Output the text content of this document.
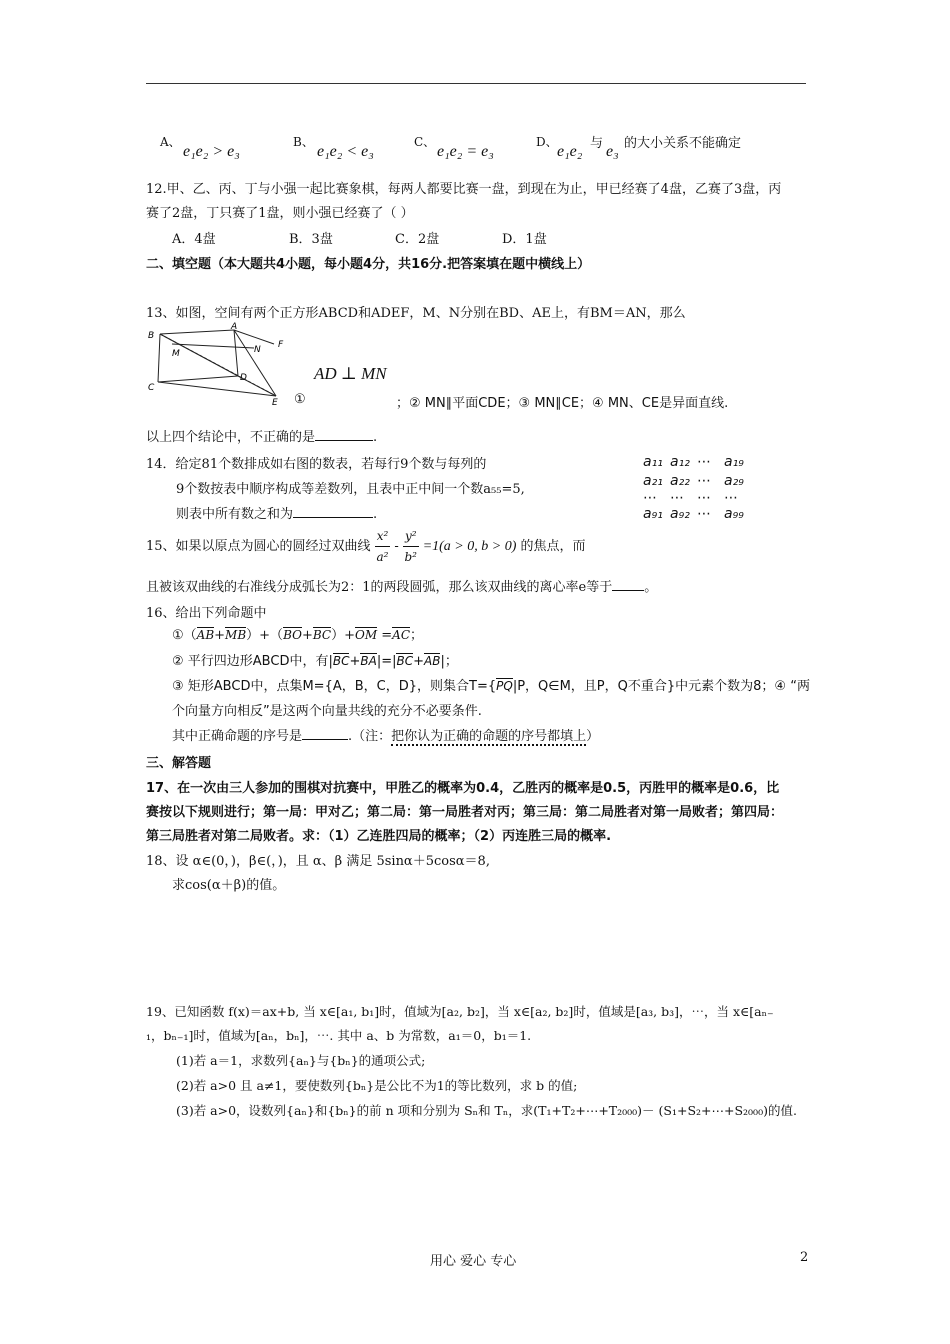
A、
e₁e₂ > e₃
B、
e₁e₂ < e₃
C、
e₁e₂ = e₃
D、
e₁e₂ 与 e₃ 的大小关系不能确定
12.甲、乙、丙、丁与小强一起比赛象棋，每两人都要比赛一盘，到现在为止，甲已经赛了4盘，乙赛了3盘，丙
赛了2盘，丁只赛了1盘，则小强已经赛了（ ）
A．4盘	B．3盘	C．2盘	D．1盘
二、填空题（本大题共4小题，每小题4分，共16分.把答案填在题中横线上）
13、如图，空间有两个正方形ABCD和ADEF，M、N分别在BD、AE上，有BM＝AN，那么
B
A
N F
M
D
C
E
AD ⊥ MN
①	；② MN∥平面CDE；③ MN∥CE；④ MN、CE是异面直线.
以上四个结论中，不正确的是	.
14．给定81个数排成如右图的数表，若每行9个数与每列的
9个数按表中顺序构成等差数列，且表中正中间一个数a₅₅=5,
则表中所有数之和为	.
a₁₁ a₁₂ ⋯ a₁₉
a₂₁ a₂₂ ⋯ a₂₉
⋯ ⋯ ⋯ ⋯
a₉₁ a₉₂ ⋯ a₉₉
15、如果以原点为圆心的圆经过双曲线 $\frac{\text{x²}}{\text{a²}} - \frac{\text{y²}}{\text{b²}} =1(a > 0$, b > 0) 的焦点，而
且被该双曲线的右准线分成弧长为2：1的两段圆弧，那么该双曲线的离心率e等于 。
16、给出下列命题中
①（AB+MB）+（BO+BC）+OM =AC；
② 平行四边形ABCD中，有|BC+BA|=|BC+AB|；
③ 矩形ABCD中，点集M={A，B，C，D}，则集合T={PQ|P，Q∈M，且P，Q不重合}中元素个数为8；④ “两
个向量方向相反”是这两个向量共线的充分不必要条件.
其中正确命题的序号是	.（注：把你认为正确的命题的序号都填上）
三、解答题
17、在一次由三人参加的围棋对抗赛中，甲胜乙的概率为0.4，乙胜丙的概率是0.5，丙胜甲的概率是0.6，比
赛按以下规则进行；第一局：甲对乙；第二局：第一局胜者对丙；第三局：第二局胜者对第一局败者；第四局：
第三局胜者对第二局败者。求：（1）乙连胜四局的概率；（2）丙连胜三局的概率.
18、设 α∈(0，)，β∈(，)，且 α、β 满足 5sinα＋5cosα＝8,
求cos(α＋β)的值。
19、已知函数 f(x)＝ax+b, 当 x∈[a₁, b₁]时，值域为[a₂, b₂]，当 x∈[a₂, b₂]时，值域是[a₃, b₃]，⋯，当 x∈[aₙ₋
₁，bₙ₋₁]时，值域为[aₙ，bₙ]，⋯. 其中 a、b 为常数，a₁＝0，b₁＝1.
(1)若 a＝1，求数列{aₙ}与{bₙ}的通项公式;
(2)若 a>0 且 a≠1，要使数列{bₙ}是公比不为1的等比数列，求 b 的值;
(3)若 a>0，设数列{aₙ}和{bₙ}的前 n 项和分别为 Sₙ和 Tₙ，求(T₁+T₂+⋯+T₂₀₀₀)－ (S₁+S₂+⋯+S₂₀₀₀)的值.
用心 爱心 专心	2
